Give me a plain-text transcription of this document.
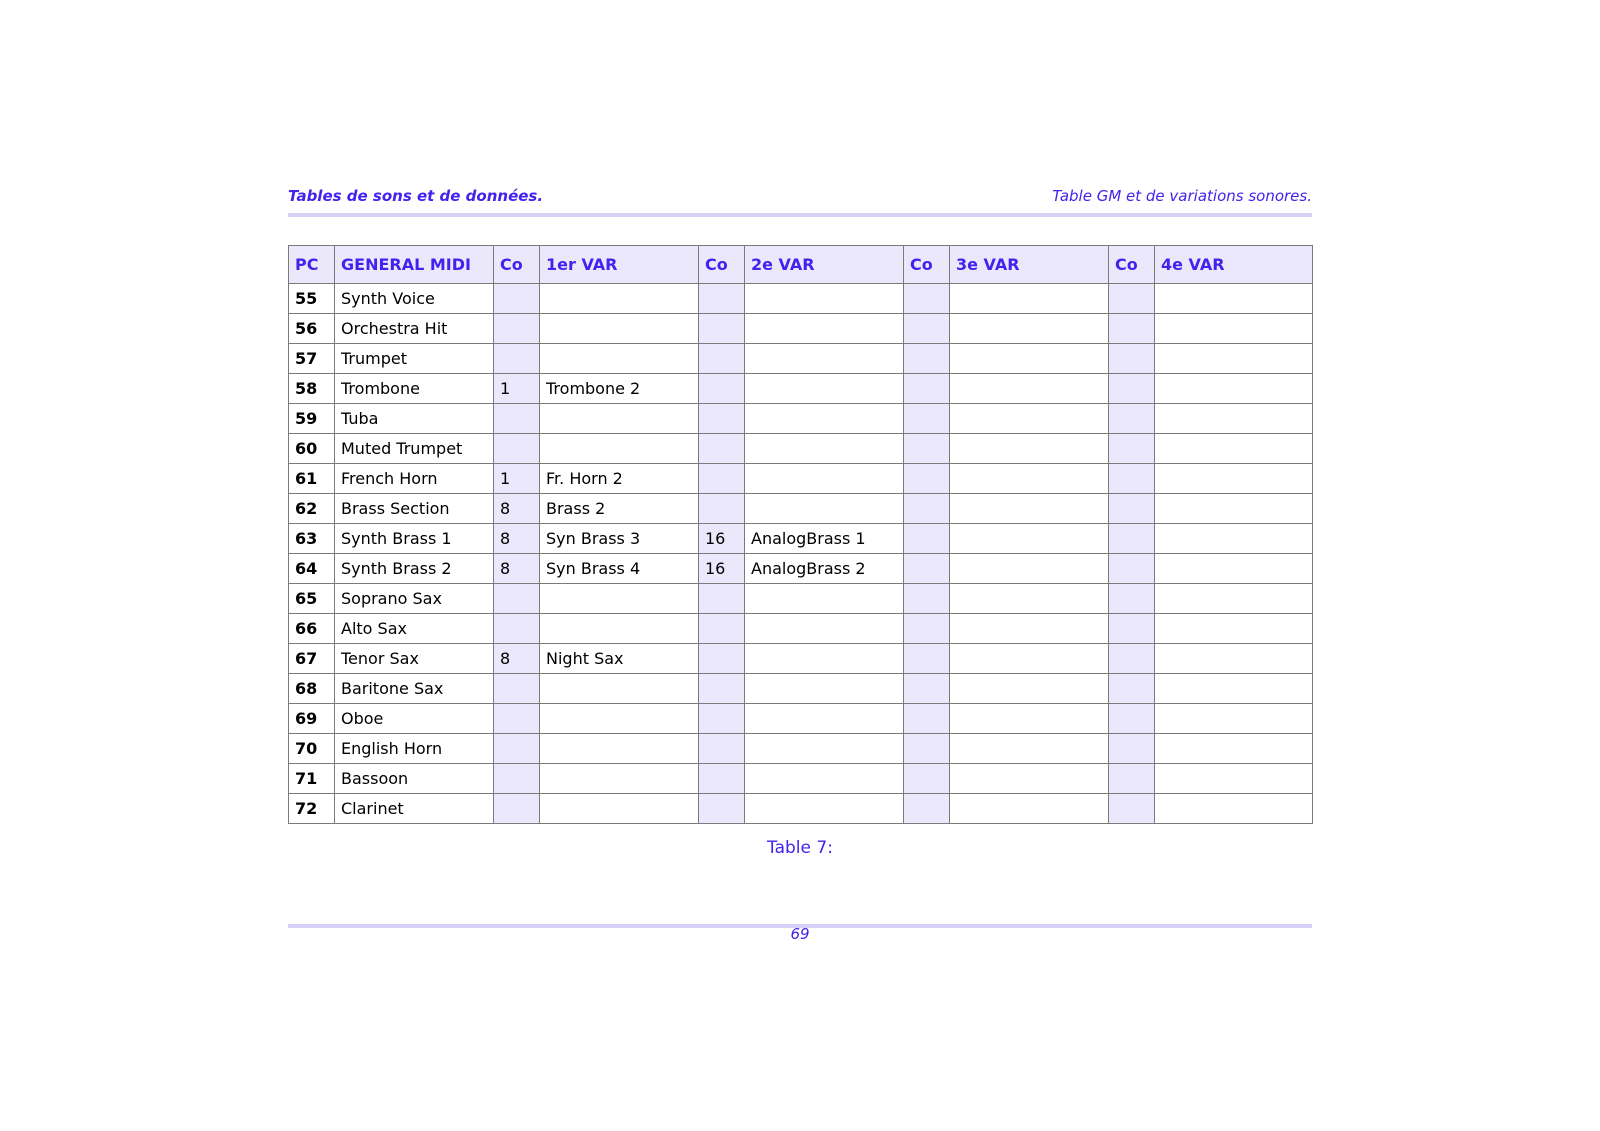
Tables de sons et de données.	Table GM et de variations sonores.
PC	GENERAL MIDI	Co	1er VAR	Co	2e VAR	Co	3e VAR	Co	4e VAR
55	Synth Voice								
56	Orchestra Hit								
57	Trumpet								
58	Trombone	1	Trombone 2						
59	Tuba								
60	Muted Trumpet								
61	French Horn	1	Fr. Horn 2						
62	Brass Section	8	Brass 2						
63	Synth Brass 1	8	Syn Brass 3	16	AnalogBrass 1				
64	Synth Brass 2	8	Syn Brass 4	16	AnalogBrass 2				
65	Soprano Sax								
66	Alto Sax								
67	Tenor Sax	8	Night Sax						
68	Baritone Sax								
69	Oboe								
70	English Horn								
71	Bassoon								
72	Clarinet								
Table 7:
69
